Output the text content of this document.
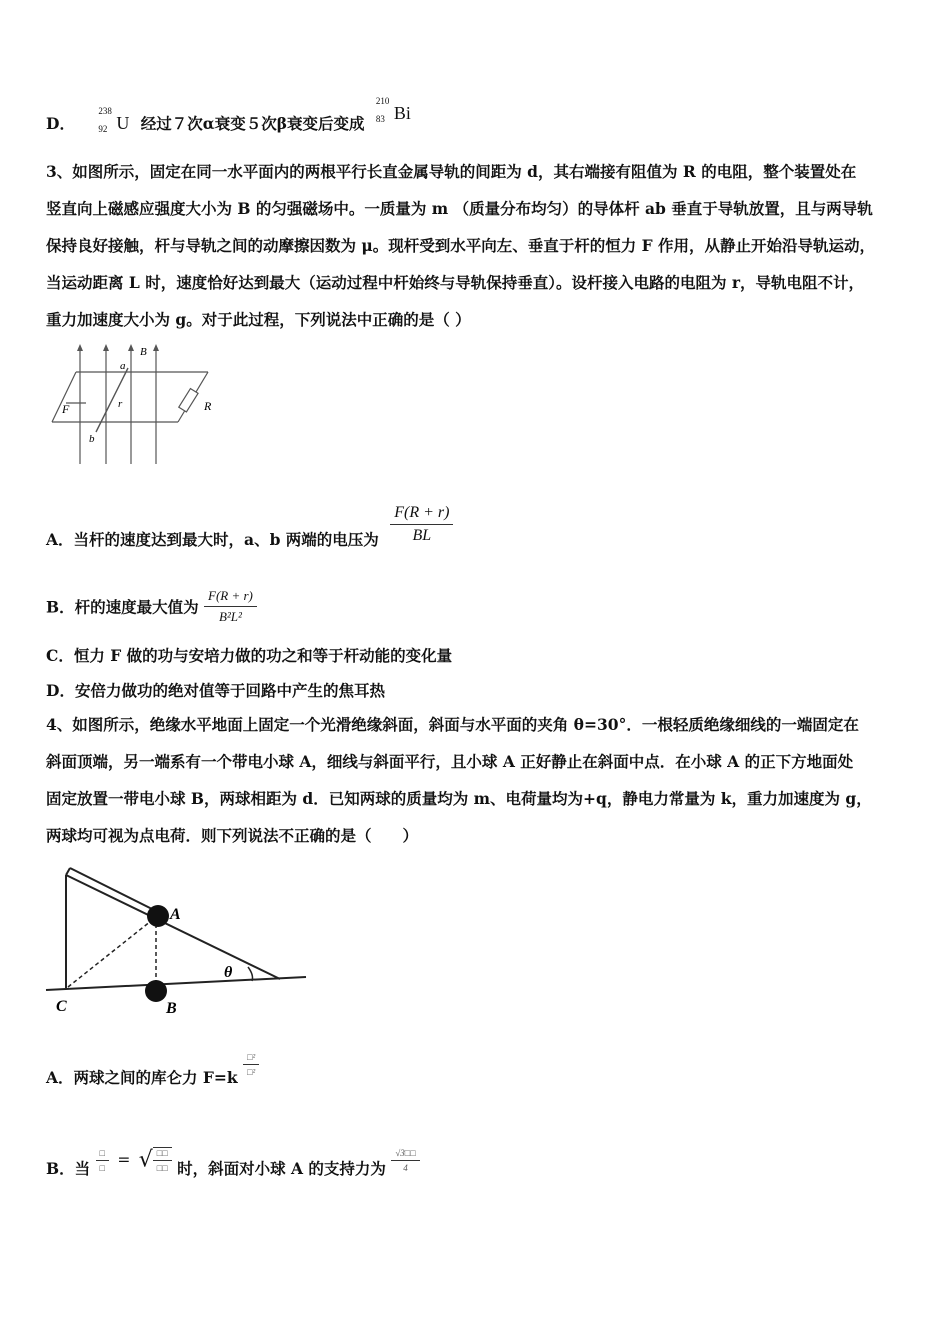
D．
238
92 U 经过７次α衰变５次β衰变后变成
210
83 Bi
3、如图所示，固定在同一水平面内的两根平行长直金属导轨的间距为 d，其右端接有阻值为 R 的电阻，整个装置处在
竖直向上磁感应强度大小为 B 的匀强磁场中。一质量为 m （质量分布均匀）的导体杆 ab 垂直于导轨放置，且与两导轨
保持良好接触，杆与导轨之间的动摩擦因数为 μ。现杆受到水平向左、垂直于杆的恒力 F 作用，从静止开始沿导轨运动，
当运动距离 L 时，速度恰好达到最大（运动过程中杆始终与导轨保持垂直）。设杆接入电路的电阻为 r，导轨电阻不计，
重力加速度大小为 g。对于此过程，下列说法中正确的是（ ）
F
a
b
B
r	R
A．当杆的速度达到最大时，a、b 两端的电压为 $\frac{F(R + r)}{BL}$
B．杆的速度最大值为 $\frac{F(R + r)}{\text{B²L²}}$
C．恒力 F 做的功与安培力做的功之和等于杆动能的变化量
D．安倍力做功的绝对值等于回路中产生的焦耳热
4、如图所示，绝缘水平地面上固定一个光滑绝缘斜面，斜面与水平面的夹角 θ=30°．一根轻质绝缘细线的一端固定在
斜面顶端，另一端系有一个带电小球 A，细线与斜面平行，且小球 A 正好静止在斜面中点．在小球 A 的正下方地面处
固定放置一带电小球 B，两球相距为 d．已知两球的质量均为 m、电荷量均为+q，静电力常量为 k，重力加速度为 g，
两球均可视为点电荷．则下列说法不正确的是（　　）
A
B
C
θ
A．两球之间的库仑力 $F=k \frac{\text{□²}}{\text{□²}}$
B．当 $\frac{□}{□}$ = √ $\frac{□□}{□□}$ 时，斜面对小球 A 的支持力为 $\frac{√3□□}{4}$
